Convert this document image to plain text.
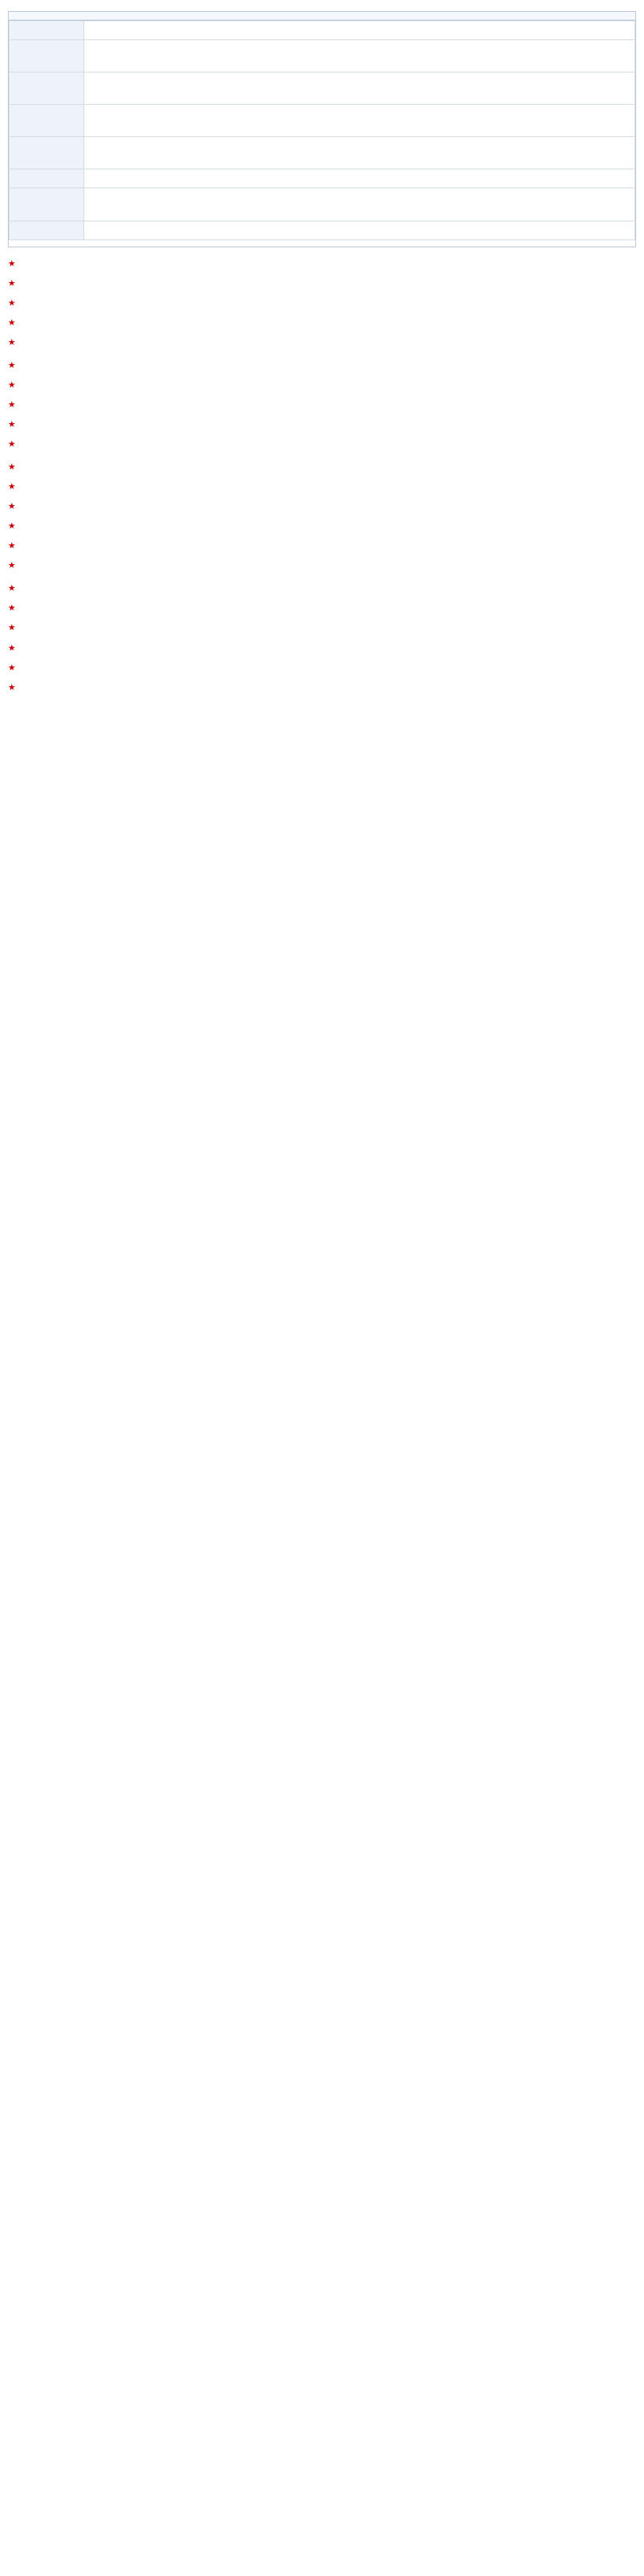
★

★

★

★

★

★

★

★

★

★

★

★

★

★

★

★

★

★

★

★

★

★
